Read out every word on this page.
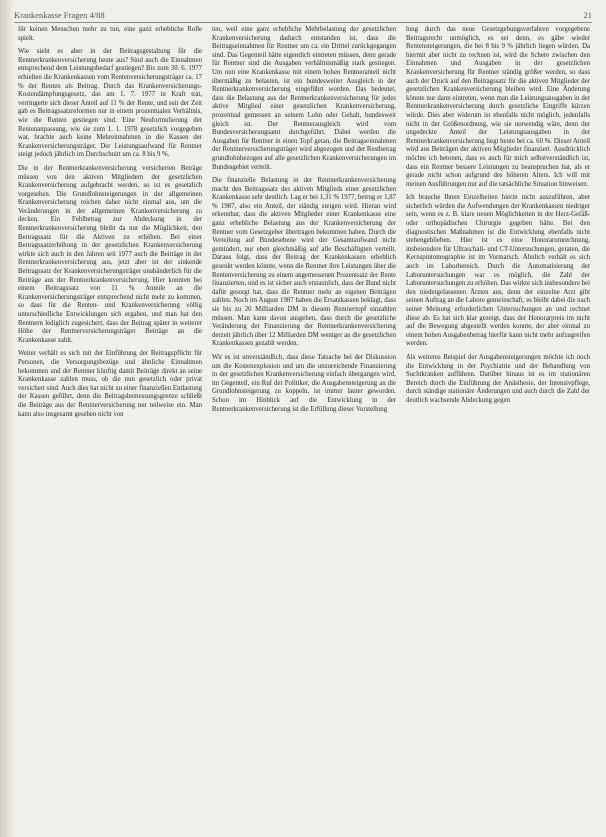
Krankenkasse Fragen 4/88	21

für keinen Menschen mehr zu tun, eine ganz erhebliche Rolle spielt.

Wie sieht es aber in der Beitragsgestaltung für die Rentnerkrankenversicherung heute aus? Sind auch die Einnahmen entsprechend dem Leistungsbedarf gestiegen? Bis zum 30. 6. 1977 erhielten die Krankenkassen vom Rentenversicherungsträger ca. 17 % der Renten als Beitrag. Durch das Krankenversicherungs-Kostendämpfungsgesetz, das am 1. 7. 1977 in Kraft trat, verringerte sich dieser Anteil auf 11 % der Rente, und seit der Zeit gab es Beitragssatzreformen nur in einem prozentualen Verhältnis, wie die Renten gestiegen sind. Eine Neuformulierung der Rentenanpassung, wie sie zum 1. 1. 1978 gesetzlich vorgegeben war, brachte auch keine Mehreinnahmen in die Kassen der Krankenversicherungsträger. Der Leistungsaufwand für Rentner steigt jedoch jährlich im Durchschnitt um ca. 8 bis 9 %.

Die in der Rentnerkrankenversicherung versicherten Beträge müssen von den aktiven Mitgliedern der gesetzlichen Krankenversicherung aufgebracht werden, so ist es gesetzlich vorgesehen. Die Grundlohnsteigerungen in der allgemeinen Krankenversicherung reichen daher nicht einmal aus, um die Veränderungen in der allgemeinen Krankenversicherung zu decken. Ein Fehlbetrag zur Abdeckung in der Rentnerkrankenversicherung bleibt da nur die Möglichkeit, den Beitragssatz für die Aktiven zu erhöhen. Bei einer Beitragssatzerhöhung in der gesetzlichen Krankenversicherung wirkte sich auch in den Jahren seit 1977 auch die Beiträge in der Rentnerkrankenversicherung aus, jetzt aber ist der sinkende Beitragssatz der Krankenversicherungsträger unabänderlich für die Beiträge aus der Rentnerkrankenversicherung. Hier konnten bei einem Beitragssatz von 11 % Anteile an die Krankenversicherungsträger entsprechend nicht mehr zu kommen, so dass für die Renten- und Krankenversicherung völlig unterschiedliche Entwicklungen sich ergaben, und man hat den Rentnern lediglich zugesichert, dass der Beitrag später in weiterer Höhe der Rentnerversicherungsträger Beiträge an die Krankenkasse zahlt.

Weiter verhält es sich mit der Einführung der Beitragspflicht für Personen, die Versorgungsbezüge und ähnliche Einnahmen bekommen und der Rentner künftig damit Beiträge direkt an seine Krankenkasse zahlen muss, ob die nun gesetzlich oder privat versichert sind. Auch dies hat nicht zu einer finanziellen Entlastung der Kassen geführt, denn die Beitragsbemessungsgrenze schließt die Beiträge aus der Rentnerversicherung nur teilweise ein. Man kann also insgesamt gesehen nicht von

ten, weil eine ganz erhebliche Mehrbelastung der gesetzlichen Krankenversicherung dadurch entstanden ist, dass die Beitragseinnahmen für Rentner um ca. ein Drittel zurückgegangen sind. Das Gegenteil hätte eigentlich eintreten müssen, denn gerade für Rentner sind die Ausgaben verhältnismäßig stark gestiegen. Um nun eine Krankenkasse mit einem hohen Rentneranteil nicht übermäßig zu belasten, ist ein bundesweiter Ausgleich in der Rentnerkrankenversicherung eingeführt worden. Das bedeutet, dass die Belastung aus der Rentnerkrankenversicherung für jedes aktive Mitglied einer gesetzlichen Krankenversicherung, prozentual gemessen an seinem Lohn oder Gehalt, bundesweit gleich ist. Der Rentnerausgleich wird vom Bundesversicherungsamt durchgeführt. Dabei werden die Ausgaben für Rentner in einen Topf getan, die Beitragseinnahmen der Rentnerversicherungsträger wird abgezogen und der Restbetrag grundlohnbezogen auf alle gesetzlichen Krankenversicherungen im Bundesgebiet verteilt.

Die finanzielle Belastung in der Rentnerkrankenversicherung macht den Beitragssatz des aktiven Mitglieds einer gesetzlichen Krankenkasse sehr deutlich. Lag er bei 1,31 % 1977, betrug er 1,87 % 1987, also ein Anteil, der ständig steigen wird. Hieran wird erkennbar, dass die aktiven Mitglieder einer Krankenkasse eine ganz erhebliche Belastung aus der Krankenversicherung der Rentner vom Gesetzgeber übertragen bekommen haben. Durch die Verteilung auf Bundesebene wird der Gesamtaufwand nicht gemindert, nur eben gleichmäßig auf alle Beschäftigten verteilt. Daraus folgt, dass der Beitrag der Krankenkassen erheblich gesenkt werden könnte, wenn die Rentner ihre Leistungen über die Rentenversicherung zu einem angemessenen Prozentsatz der Rente finanzierten, und es ist sicher auch erstaunlich, dass der Bund nicht dafür gesorgt hat, dass die Rentner mehr an eigenen Beiträgen zahlen. Noch im August 1987 haben die Ersatzkassen beklagt, dass sie bis zu 20 Milliarden DM in diesem Rentnertopf einzahlen müssen. Man kann davon ausgehen, dass durch die gesetzliche Veränderung der Finanzierung der Rentnerkrankenversicherung derzeit jährlich über 12 Milliarden DM weniger an die gesetzlichen Krankenkassen gezahlt werden.

Wir es ist unverständlich, dass diese Tatsache bei der Diskussion um die Kostenexplosion und um die unzureichende Finanzierung in der gesetzlichen Krankenversicherung einfach übergangen wird, im Gegenteil, ein Ruf der Politiker, die Ausgabensteigerung an die Grundlohnsteigerung zu koppeln, ist immer lauter geworden. Schon im Hinblick auf die Entwicklung in der Rentnerkrankenversicherung ist die Erfüllung dieser Vorstellung

lung durch das neue Gesetzgebungsverfahren vorgegebene Beitragsrecht unmöglich, es sei denn, es gäbe wieder Rentensteigerungen, die bei 8 bis 9 % jährlich liegen würden. Da hiermit aber nicht zu rechnen ist, wird die Schere zwischen den Einnahmen und Ausgaben in der gesetzlichen Krankenversicherung für Rentner ständig größer werden, so dass auch der Druck auf den Beitragssatz für die aktiven Mitglieder der gesetzlichen Krankenversicherung bleiben wird. Eine Änderung könnte nur dann eintreten, wenn man die Leistungsausgaben in der Rentnerkrankenversicherung durch gesetzliche Eingriffe kürzen würde. Dies aber widerum ist ebenfalls nicht möglich, jedenfalls nicht in der Größenordnung, wie sie notwendig wäre, denn der ungedeckte Anteil der Leistungsausgaben in der Rentnerkrankenversicherung liegt heute bei ca. 60 %. Dieser Anteil wird aus Beiträgen der aktiven Mitglieder finanziert. Ausdrücklich möchte ich betonen, dass es auch für mich selbstverständlich ist, dass ein Rentner bessere Leistungen zu beanspruchen hat, als er gerade nicht schon aufgrund des höheren Alters. Ich will mit meinen Ausführungen nur auf die tatsächliche Situation hinweisen.

Ich brauche Ihnen Einzelheiten hierin nicht auszuführen, aber sicherlich würden die Aufwendungen der Krankenkassen niedriger sein, wenn es z. B. klare neuen Möglichkeiten in der Herz-Gefäß- oder orthopädischen Chirurgie gegeben hätte. Bei den diagnostischen Maßnahmen ist die Entwicklung ebenfalls nicht stehengeblieben. Hier ist es eine Honorarumrechnung, insbesondere für Ultraschall- und CT-Untersuchungen, geraten, die Kernspintomographie ist im Vormarsch. Ähnlich verhält es sich auch im Laborbereich. Durch die Automatisierung der Laboruntersuchungen war es möglich, die Zahl der Laboruntersuchungen zu erhöhen. Das wirkte sich insbesondere bei den niedergelassenen Ärzten aus, denn der einzelne Arzt gibt seinen Auftrag an die Labore gemeinschaft, es bleibt dabei die nach seiner Meinung erforderlichen Untersuchungen an und rechnet diese ab. Es hat sich klar gezeigt, dass der Honorarpreis im nicht auf die Bewegung abgestellt werden konnte, der aber einmal zu einem hohen Ausgabenbetrag hierfür kann nicht mehr aufzugreifen werden.

Als weiteres Beispiel der Ausgabensteigerungen möchte ich noch die Entwicklung in der Psychiatrie und der Behandlung von Suchtkranken aufführen. Darüber hinaus ist es im stationären Bereich durch die Einführung der Anästhesie, der Intensivpflege, durch ständige stationäre Änderungen und auch durch die Zahl der deutlich wachsende Abdeckung gegen
